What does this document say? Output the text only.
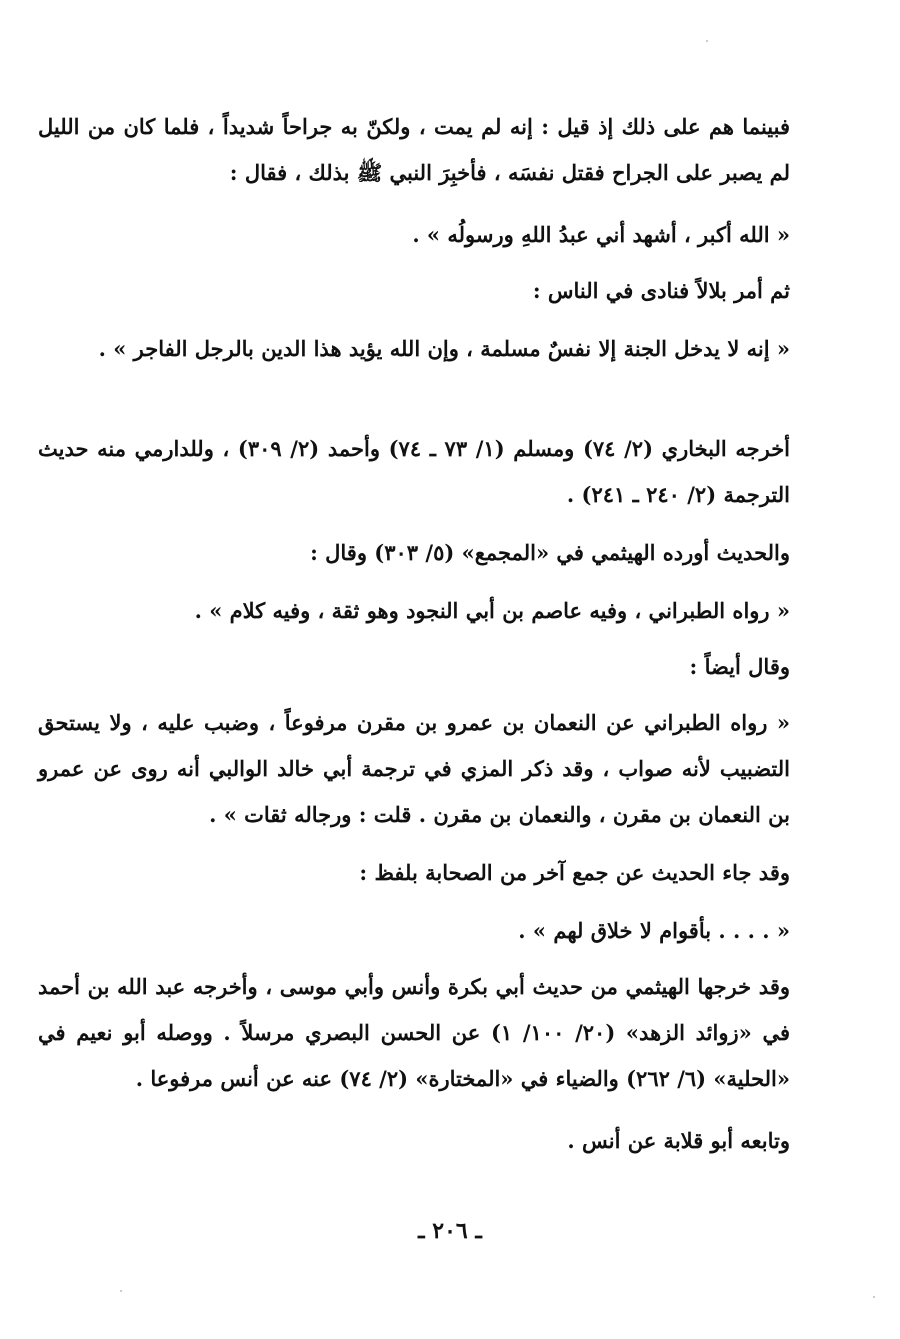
فبينما هم على ذلك إذ قيل : إنه لم يمت ، ولكنّ به جراحاً شديداً ، فلما كان من الليل لم يصبر على الجراح فقتل نفسَه ، فأخبِرَ النبي ﷺ بذلك ، فقال :

« الله أكبر ، أشهد أني عبدُ اللهِ ورسولُه » .

ثم أمر بلالاً فنادى في الناس :

« إنه لا يدخل الجنة إلا نفسٌ مسلمة ، وإن الله يؤيد هذا الدين بالرجل الفاجر » .

أخرجه البخاري (٢/ ٧٤) ومسلم (١/ ٧٣ ـ ٧٤) وأحمد (٢/ ٣٠٩) ، وللدارمي منه حديث الترجمة (٢/ ٢٤٠ ـ ٢٤١) .

والحديث أورده الهيثمي في «المجمع» (٥/ ٣٠٣) وقال :

« رواه الطبراني ، وفيه عاصم بن أبي النجود وهو ثقة ، وفيه كلام » .

وقال أيضاً :

« رواه الطبراني عن النعمان بن عمرو بن مقرن مرفوعاً ، وضبب عليه ، ولا يستحق التضبيب لأنه صواب ، وقد ذكر المزي في ترجمة أبي خالد الوالبي أنه روى عن عمرو بن النعمان بن مقرن ، والنعمان بن مقرن . قلت : ورجاله ثقات » .

وقد جاء الحديث عن جمع آخر من الصحابة بلفظ :

« . . . . بأقوام لا خلاق لهم » .

وقد خرجها الهيثمي من حديث أبي بكرة وأنس وأبي موسى ، وأخرجه عبد الله بن أحمد في «زوائد الزهد» (٢٠/ ١٠٠/ ١) عن الحسن البصري مرسلاً . ووصله أبو نعيم في «الحلية» (٦/ ٢٦٢) والضياء في «المختارة» (٢/ ٧٤) عنه عن أنس مرفوعا .

وتابعه أبو قلابة عن أنس .

ـ ٢٠٦ ـ
